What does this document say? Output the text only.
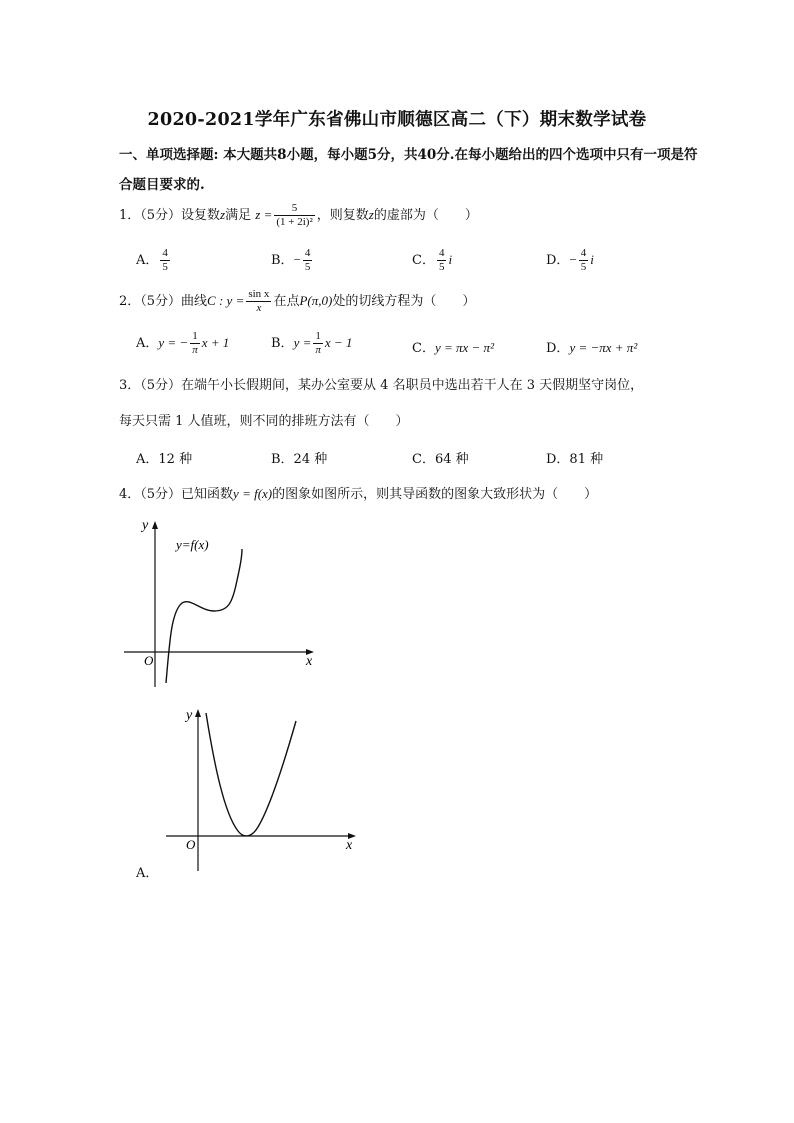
2020-2021学年广东省佛山市顺德区高二（下）期末数学试卷
一、单项选择题: 本大题共8小题，每小题5分，共40分.在每小题给出的四个选项中只有一项是符合题目要求的.
1．（5分）设复数z满足 $z = \frac{5}{\text{(1 + 2i)²}}$ ，则复数z的虚部为（　　）
A． $\frac{4}{5}$	B．− $\frac{4}{5}$	C． $\frac{4}{5}$ i	D．− $\frac{4}{5}$ i
2．（5分）曲线C : $y = \frac{\text{sin x}}{x}$ 在点P(π,0)处的切线方程为（　　）
A．y = − $\frac{1}{\pi}$ x + 1	B．$y = \frac{1}{\pi}$ x − 1	C．y = πx − π²	D．y = −πx + π²
3．（5分）在端午小长假期间，某办公室要从 4 名职员中选出若干人在 3 天假期坚守岗位，
每天只需 1 人值班，则不同的排班方法有（　　）
A．12 种	B．24 种	C．64 种	D．81 种
4．（5分）已知函数y = f(x)的图象如图所示，则其导函数的图象大致形状为（　　）
y
x
O
y=f(x)
y
x
O
A．
